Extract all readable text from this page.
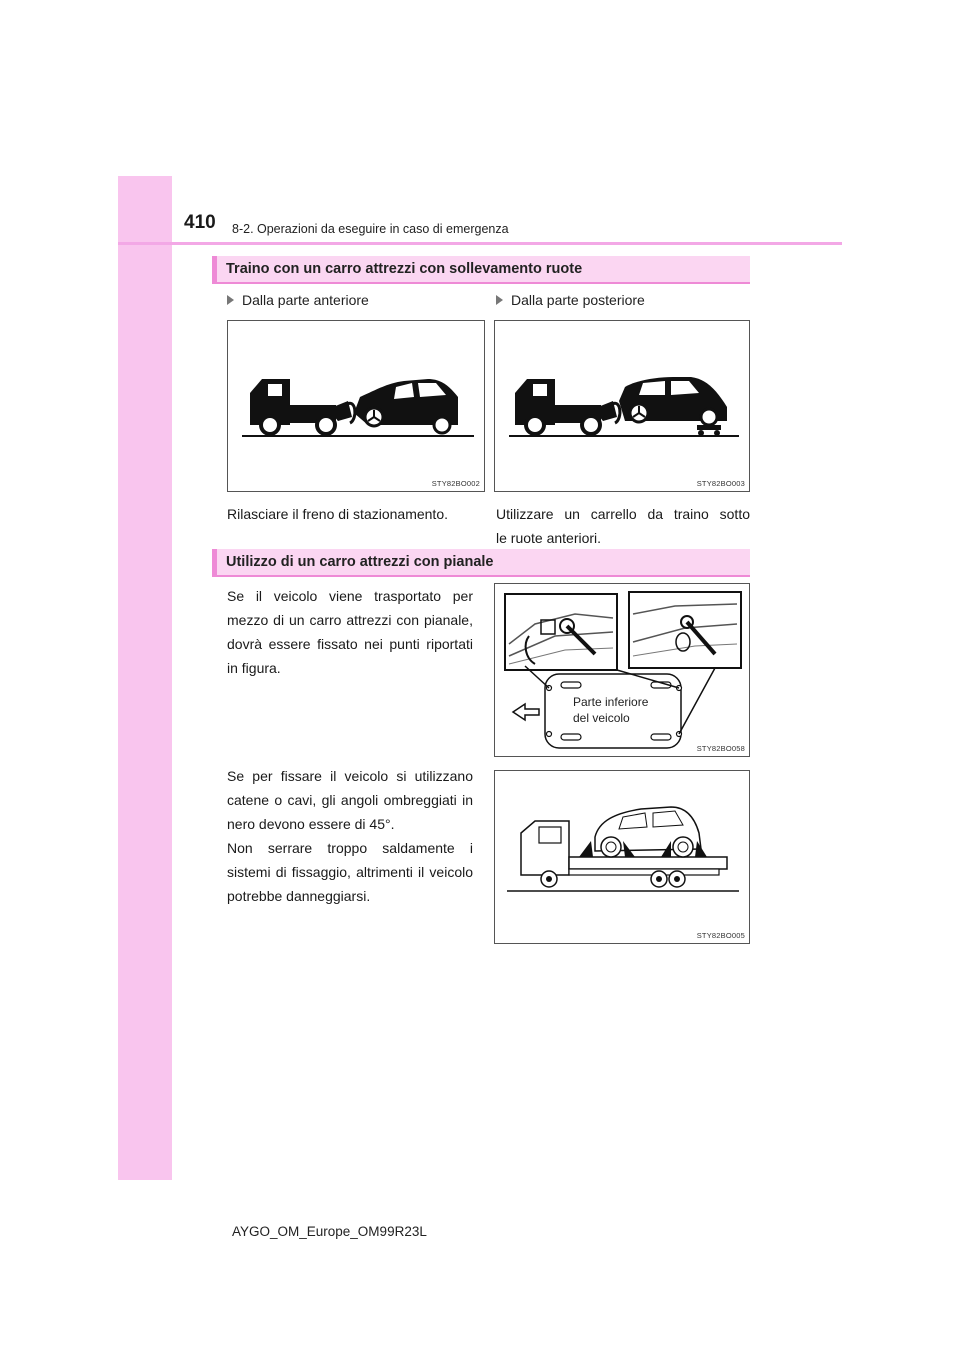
410 8-2. Operazioni da eseguire in caso di emergenza
Traino con un carro attrezzi con sollevamento ruote
Dalla parte anteriore	Dalla parte posteriore
STY82BO002	STY82BO003
Rilasciare il freno di stazionamento.	Utilizzare un carrello da traino sotto
le ruote anteriori.
Utilizzo di un carro attrezzi con pianale
Se il veicolo viene trasportato per mezzo di un carro attrezzi con pianale, dovrà essere fissato nei punti riportati in figura.
Parte inferiore
del veicolo
STY82BO058
Se per fissare il veicolo si utilizzano catene o cavi, gli angoli ombreggiati in nero devono essere di 45°.
Non serrare troppo saldamente i sistemi di fissaggio, altrimenti il veicolo potrebbe danneggiarsi.
STY82BO005
AYGO_OM_Europe_OM99R23L
